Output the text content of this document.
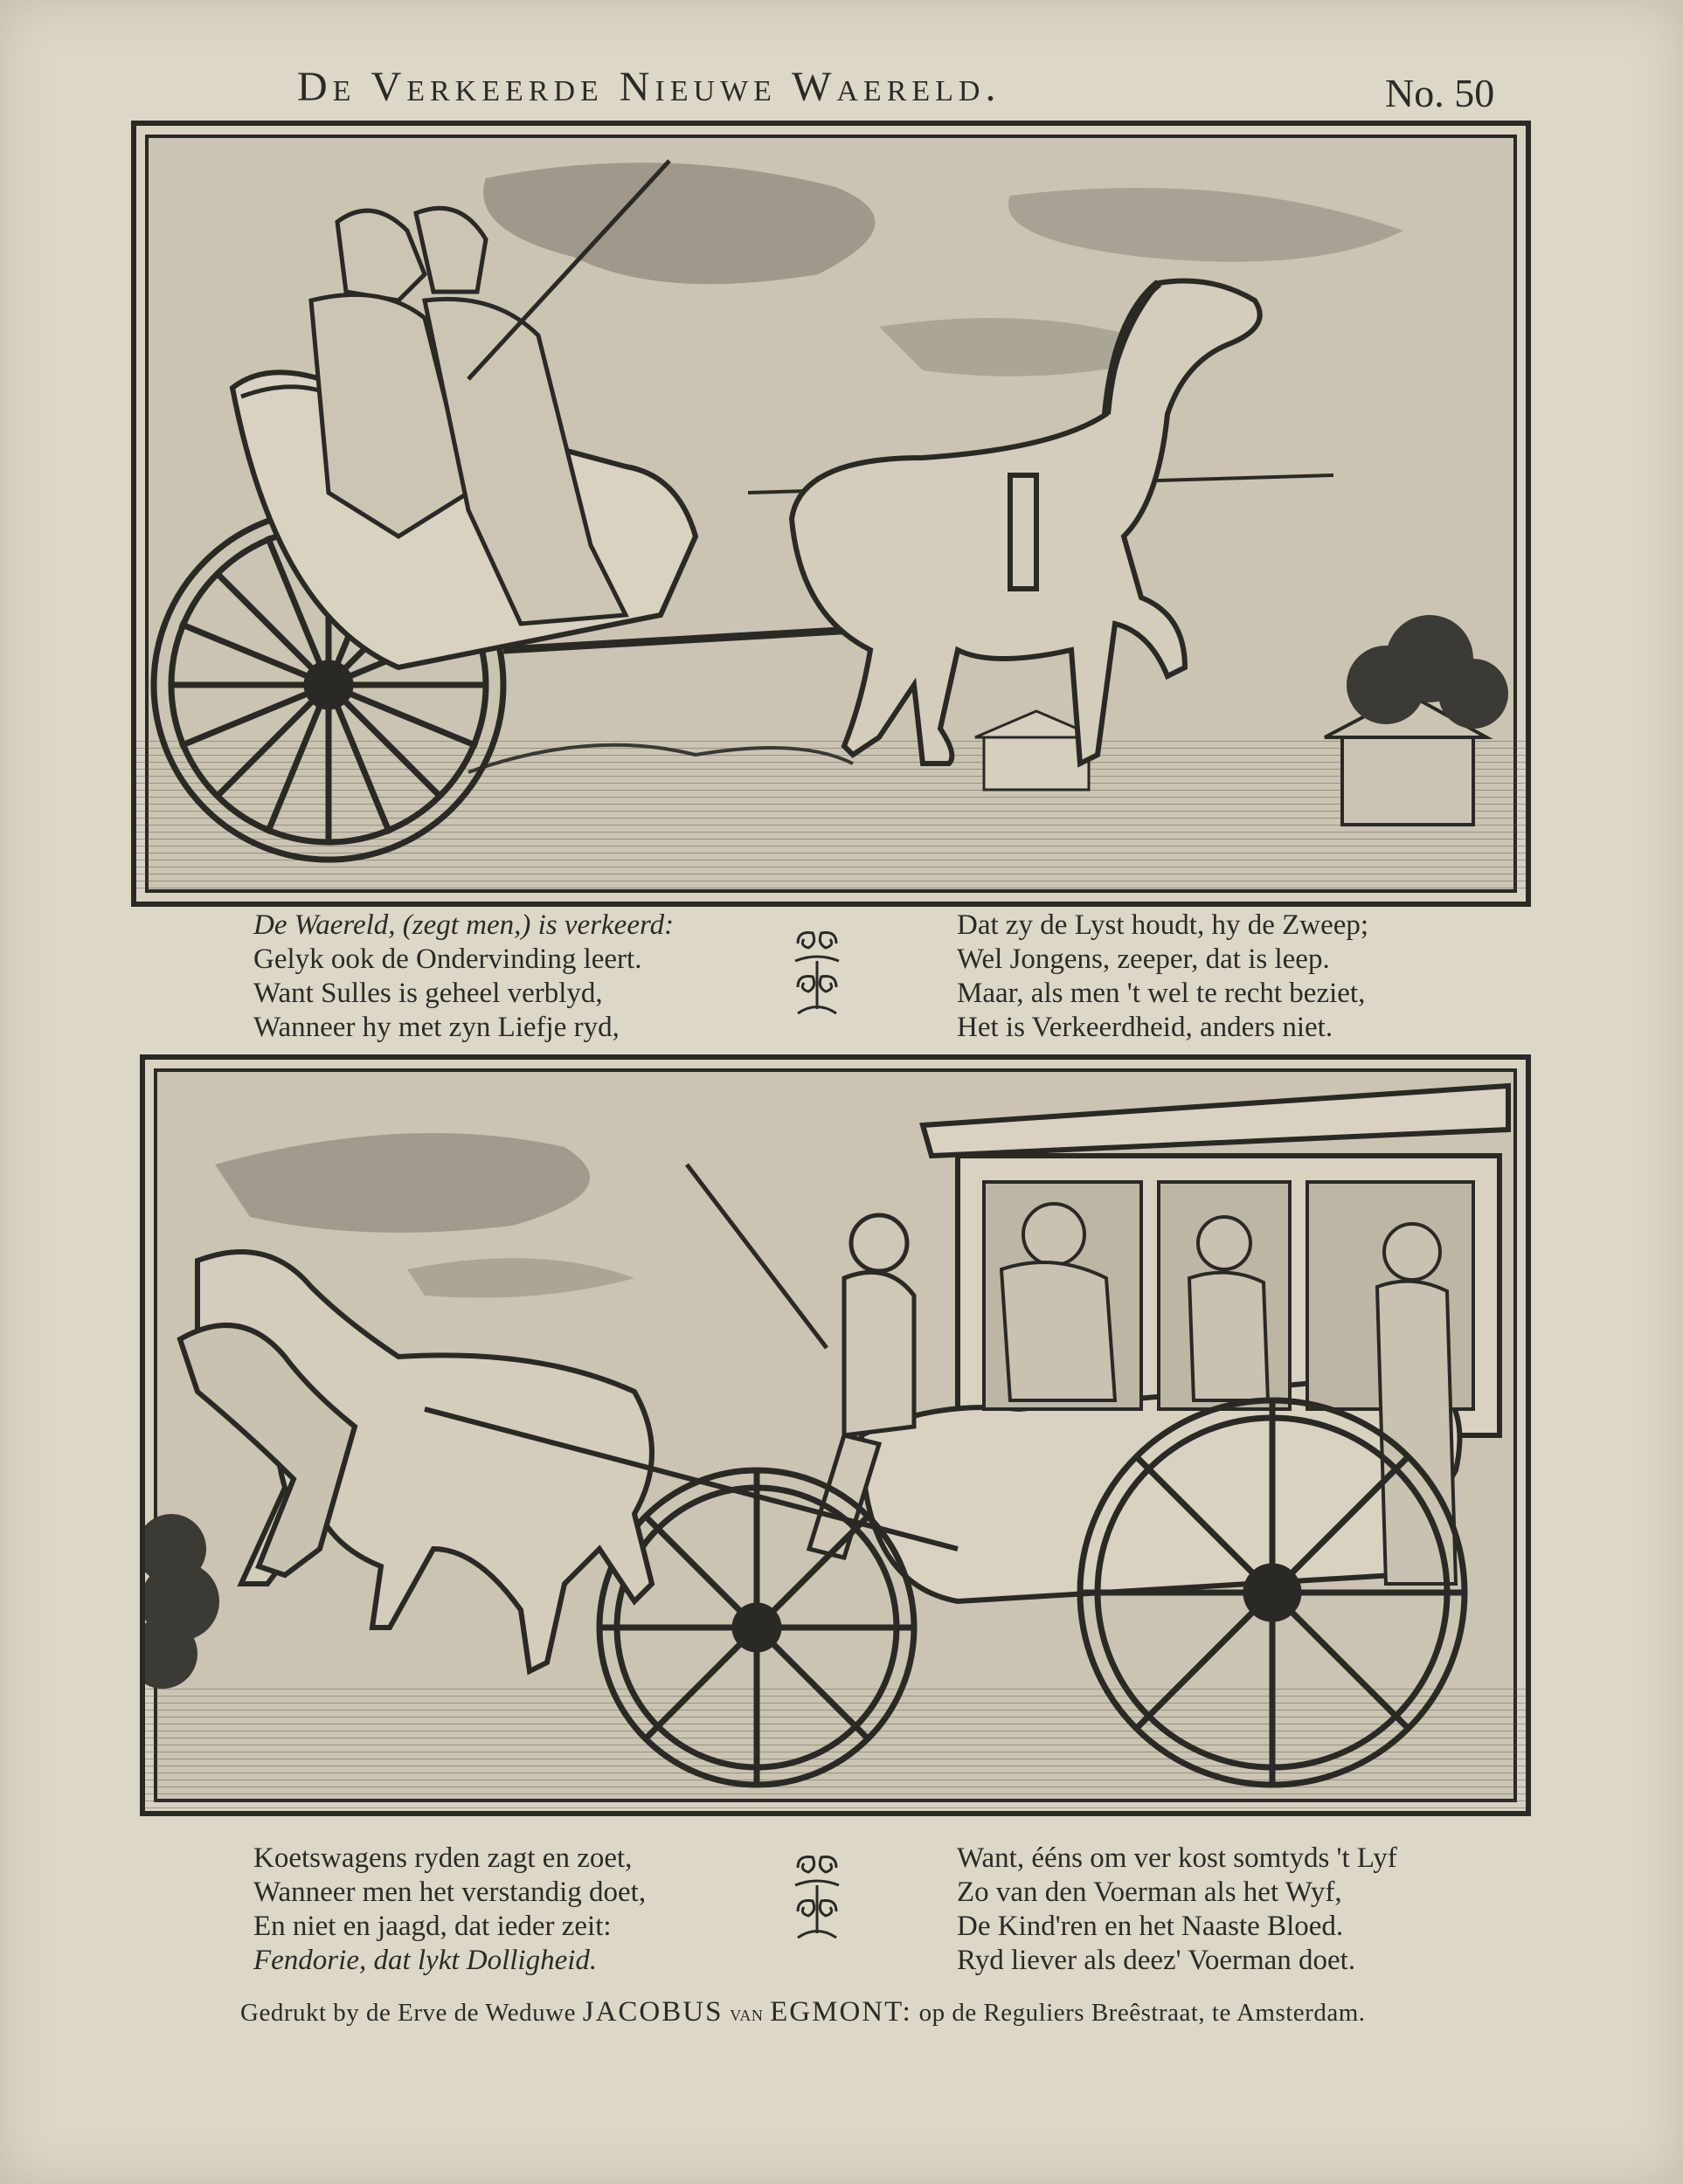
De Verkeerde Nieuwe Waereld.	No. 50
De Waereld, (zegt men,) is verkeerd:
Gelyk ook de Ondervinding leert.
Want Sulles is geheel verblyd,
Wanneer hy met zyn Liefje ryd,
Dat zy de Lyst houdt, hy de Zweep;
Wel Jongens, zeeper, dat is leep.
Maar, als men 't wel te recht beziet,
Het is Verkeerdheid, anders niet.
Koetswagens ryden zagt en zoet,
Wanneer men het verstandig doet,
En niet en jaagd, dat ieder zeit:
Fendorie, dat lykt Dolligheid.
Want, ééns om ver kost somtyds 't Lyf
Zo van den Voerman als het Wyf,
De Kind'ren en het Naaste Bloed.
Ryd liever als deez' Voerman doet.
Gedrukt by de Erve de Weduwe JACOBUS van EGMONT: op de Reguliers Breêstraat, te Amsterdam.
